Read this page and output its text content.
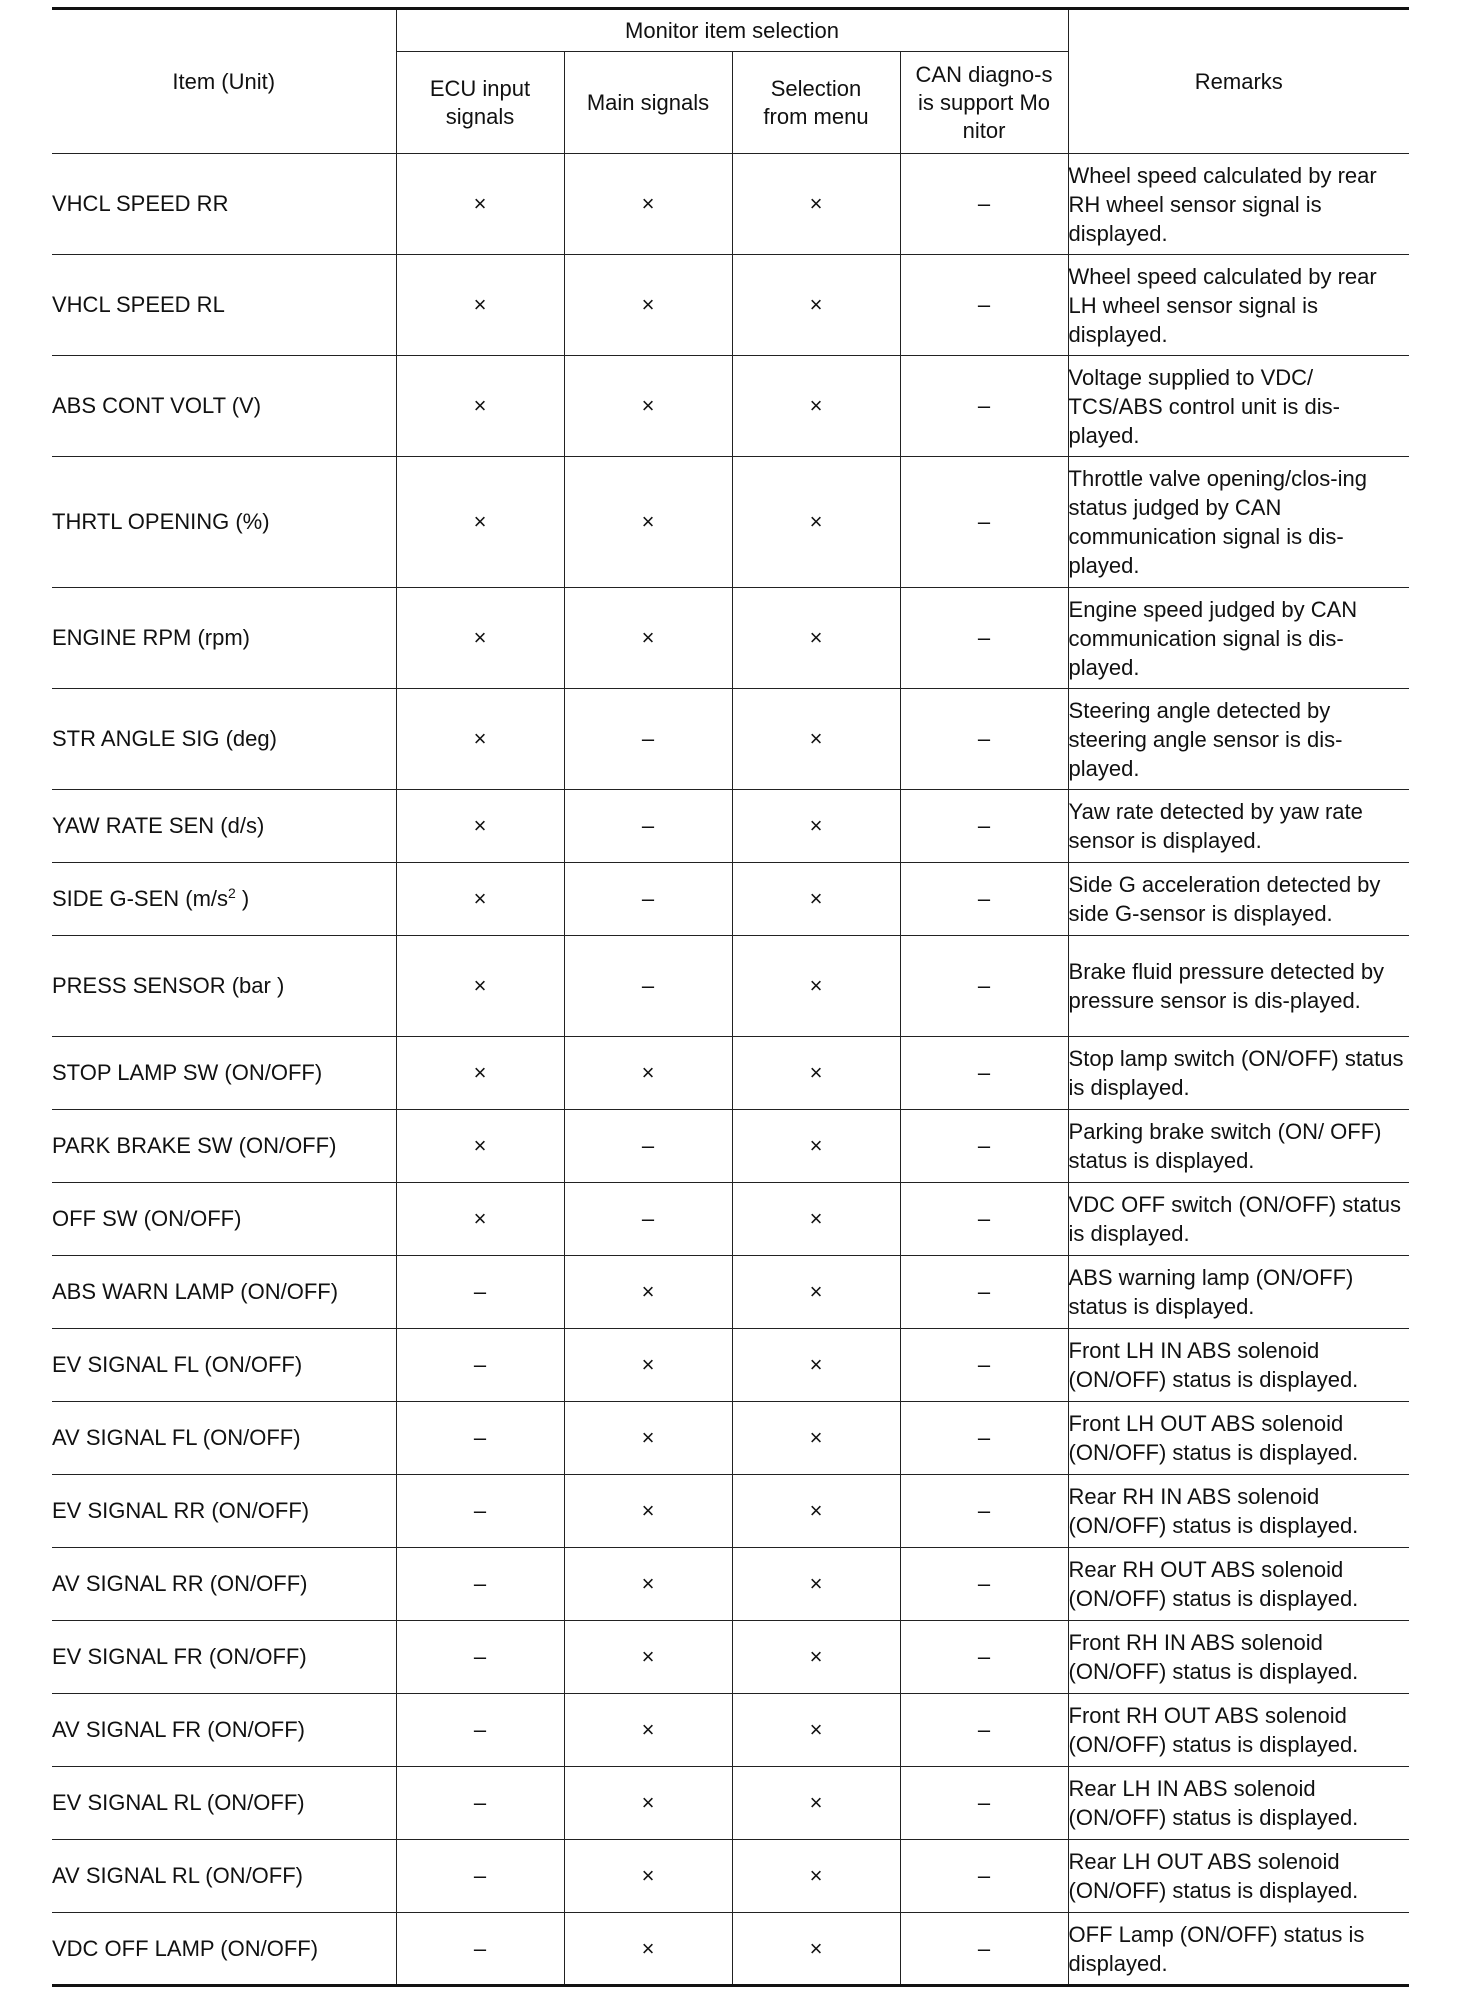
Item (Unit)	Monitor item selection				Remarks
	ECU input signals	Main signals	Selection from menu	CAN diagno-sis support Monitor	
VHCL SPEED RR	×	×	×	–	Wheel speed calculated by rear RH wheel sensor signal is displayed.
VHCL SPEED RL	×	×	×	–	Wheel speed calculated by rear LH wheel sensor signal is displayed.
ABS CONT VOLT (V)	×	×	×	–	Voltage supplied to VDC/ TCS/ABS control unit is dis-played.
THRTL OPENING (%)	×	×	×	–	Throttle valve opening/clos-ing status judged by CAN communication signal is dis-played.
ENGINE RPM (rpm)	×	×	×	–	Engine speed judged by CAN communication signal is dis-played.
STR ANGLE SIG (deg)	×	–	×	–	Steering angle detected by steering angle sensor is dis-played.
YAW RATE SEN (d/s)	×	–	×	–	Yaw rate detected by yaw rate sensor is displayed.
SIDE G-SEN ($m/s^2$ )	×	–	×	–	Side G acceleration detected by side G-sensor is displayed.
PRESS SENSOR (bar )	×	–	×	–	Brake fluid pressure detected by pressure sensor is dis-played.
STOP LAMP SW (ON/OFF)	×	×	×	–	Stop lamp switch (ON/OFF) status is displayed.
PARK BRAKE SW (ON/OFF)	×	–	×	–	Parking brake switch (ON/ OFF) status is displayed.
OFF SW (ON/OFF)	×	–	×	–	VDC OFF switch (ON/OFF) status is displayed.
ABS WARN LAMP (ON/OFF)	–	×	×	–	ABS warning lamp (ON/OFF) status is displayed.
EV SIGNAL FL (ON/OFF)	–	×	×	–	Front LH IN ABS solenoid (ON/OFF) status is displayed.
AV SIGNAL FL (ON/OFF)	–	×	×	–	Front LH OUT ABS solenoid (ON/OFF) status is displayed.
EV SIGNAL RR (ON/OFF)	–	×	×	–	Rear RH IN ABS solenoid (ON/OFF) status is displayed.
AV SIGNAL RR (ON/OFF)	–	×	×	–	Rear RH OUT ABS solenoid (ON/OFF) status is displayed.
EV SIGNAL FR (ON/OFF)	–	×	×	–	Front RH IN ABS solenoid (ON/OFF) status is displayed.
AV SIGNAL FR (ON/OFF)	–	×	×	–	Front RH OUT ABS solenoid (ON/OFF) status is displayed.
EV SIGNAL RL (ON/OFF)	–	×	×	–	Rear LH IN ABS solenoid (ON/OFF) status is displayed.
AV SIGNAL RL (ON/OFF)	–	×	×	–	Rear LH OUT ABS solenoid (ON/OFF) status is displayed.
VDC OFF LAMP (ON/OFF)	–	×	×	–	OFF Lamp (ON/OFF) status is displayed.
